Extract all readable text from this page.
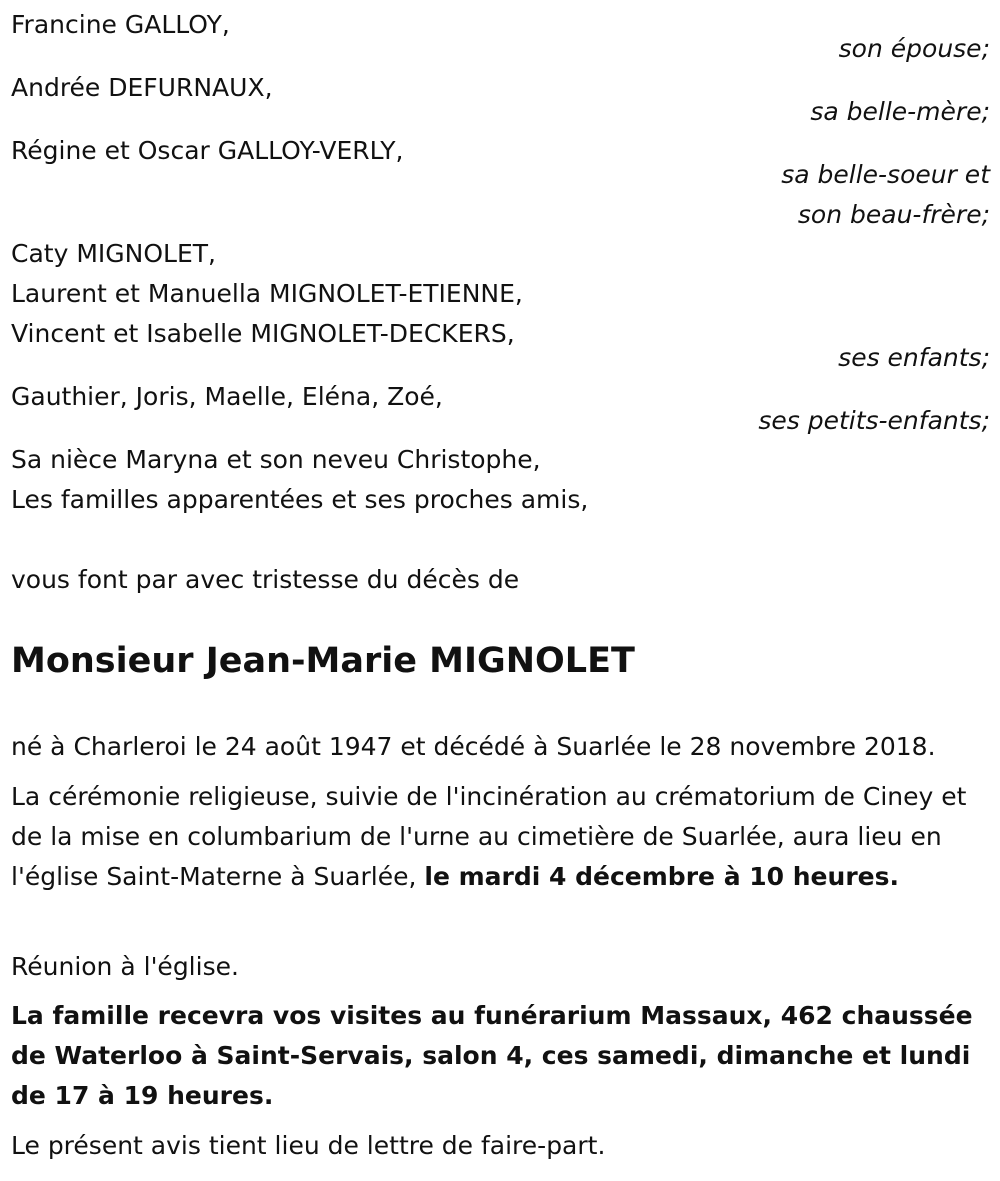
Francine GALLOY,
son épouse;
Andrée DEFURNAUX,
sa belle-mère;
Régine et Oscar GALLOY-VERLY,
sa belle-soeur et
son beau-frère;
Caty MIGNOLET,
Laurent et Manuella MIGNOLET-ETIENNE,
Vincent et Isabelle MIGNOLET-DECKERS,
ses enfants;
Gauthier, Joris, Maelle, Eléna, Zoé,
ses petits-enfants;
Sa nièce Maryna et son neveu Christophe,
Les familles apparentées et ses proches amis,
vous font par avec tristesse du décès de
Monsieur Jean-Marie MIGNOLET
né à Charleroi le 24 août 1947 et décédé à Suarlée le 28 novembre 2018.
La cérémonie religieuse, suivie de l'incinération au crématorium de Ciney et de la mise en columbarium de l'urne au cimetière de Suarlée, aura lieu en l'église Saint-Materne à Suarlée, le mardi 4 décembre à 10 heures.
Réunion à l'église.
La famille recevra vos visites au funérarium Massaux, 462 chaussée de Waterloo à Saint-Servais, salon 4, ces samedi, dimanche et lundi de 17 à 19 heures.
Le présent avis tient lieu de lettre de faire-part.
